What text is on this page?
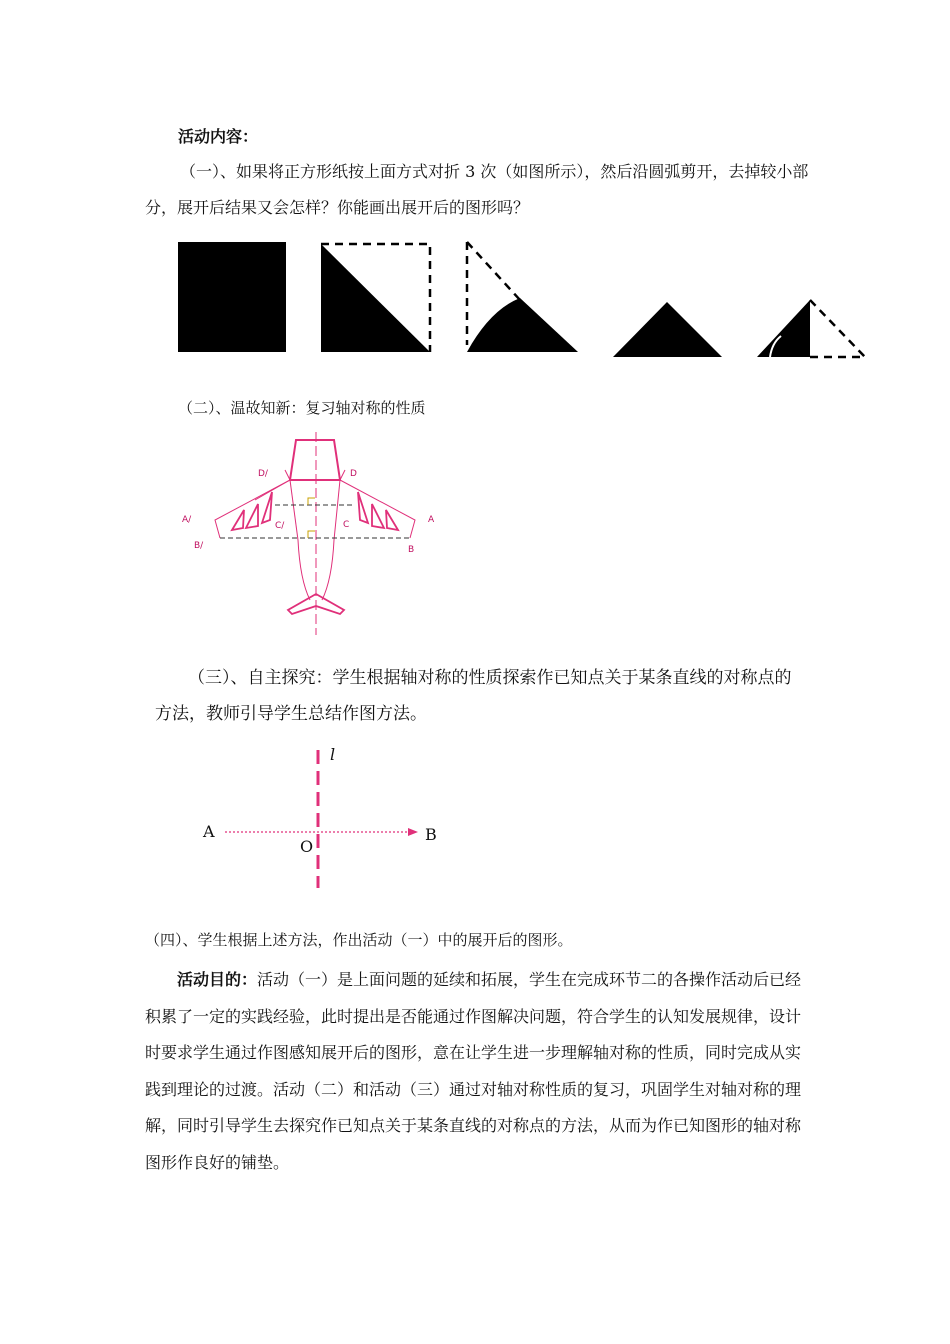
活动内容：
（一）、如果将正方形纸按上面方式对折 3 次（如图所示），然后沿圆弧剪开，去掉较小部分，展开后结果又会怎样？你能画出展开后的图形吗？
（二）、温故知新：复习轴对称的性质
D/	D
A/	A
C/	C
B/	B
（三）、自主探究：学生根据轴对称的性质探索作已知点关于某条直线的对称点的方法，教师引导学生总结作图方法。
l
A
O
B
（四）、学生根据上述方法，作出活动（一）中的展开后的图形。
活动目的：活动（一）是上面问题的延续和拓展，学生在完成环节二的各操作活动后已经积累了一定的实践经验，此时提出是否能通过作图解决问题，符合学生的认知发展规律，设计时要求学生通过作图感知展开后的图形，意在让学生进一步理解轴对称的性质，同时完成从实践到理论的过渡。活动（二）和活动（三）通过对轴对称性质的复习，巩固学生对轴对称的理解，同时引导学生去探究作已知点关于某条直线的对称点的方法，从而为作已知图形的轴对称图形作良好的铺垫。
